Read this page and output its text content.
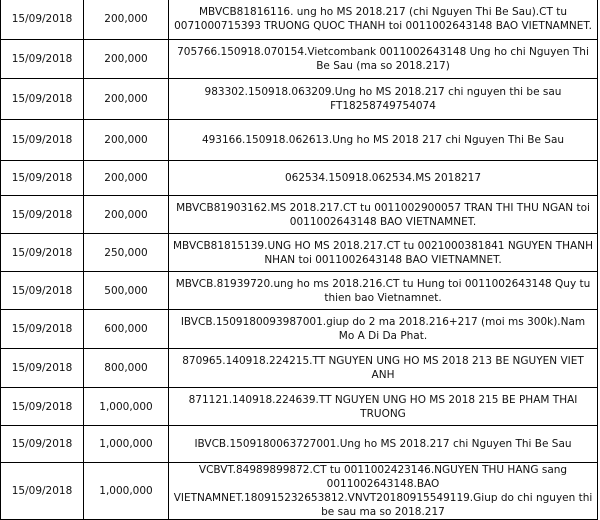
15/09/2018	200,000	MBVCB81816116. ung ho MS 2018.217 (chi Nguyen Thi Be Sau).CT tu 0071000715393 TRUONG QUOC THANH toi 0011002643148 BAO VIETNAMNET.
15/09/2018	200,000	705766.150918.070154.Vietcombank 0011002643148 Ung ho chi Nguyen Thi Be Sau (ma so 2018.217)
15/09/2018	200,000	983302.150918.063209.Ung ho MS 2018.217 chi nguyen thi be sau FT18258749754074
15/09/2018	200,000	493166.150918.062613.Ung ho MS 2018 217 chi Nguyen Thi Be Sau
15/09/2018	200,000	062534.150918.062534.MS 2018217
15/09/2018	200,000	MBVCB81903162.MS 2018.217.CT tu 0011002900057 TRAN THI THU NGAN toi 0011002643148 BAO VIETNAMNET.
15/09/2018	250,000	MBVCB81815139.UNG HO MS 2018.217.CT tu 0021000381841 NGUYEN THANH NHAN toi 0011002643148 BAO VIETNAMNET.
15/09/2018	500,000	MBVCB.81939720.ung ho ms 2018.216.CT tu Hung toi 0011002643148 Quy tu thien bao Vietnamnet.
15/09/2018	600,000	IBVCB.1509180093987001.giup do 2 ma 2018.216+217 (moi ms 300k).Nam Mo A Di Da Phat.
15/09/2018	800,000	870965.140918.224215.TT NGUYEN UNG HO MS 2018 213 BE NGUYEN VIET ANH
15/09/2018	1,000,000	871121.140918.224639.TT NGUYEN UNG HO MS 2018 215 BE PHAM THAI TRUONG
15/09/2018	1,000,000	IBVCB.1509180063727001.Ung ho MS 2018.217 chi Nguyen Thi Be Sau
15/09/2018	1,000,000	VCBVT.84989899872.CT tu 0011002423146.NGUYEN THU HANG sang 0011002643148.BAO VIETNAMNET.180915232653812.VNVT20180915549119.Giup do chi nguyen thi be sau ma so 2018.217
